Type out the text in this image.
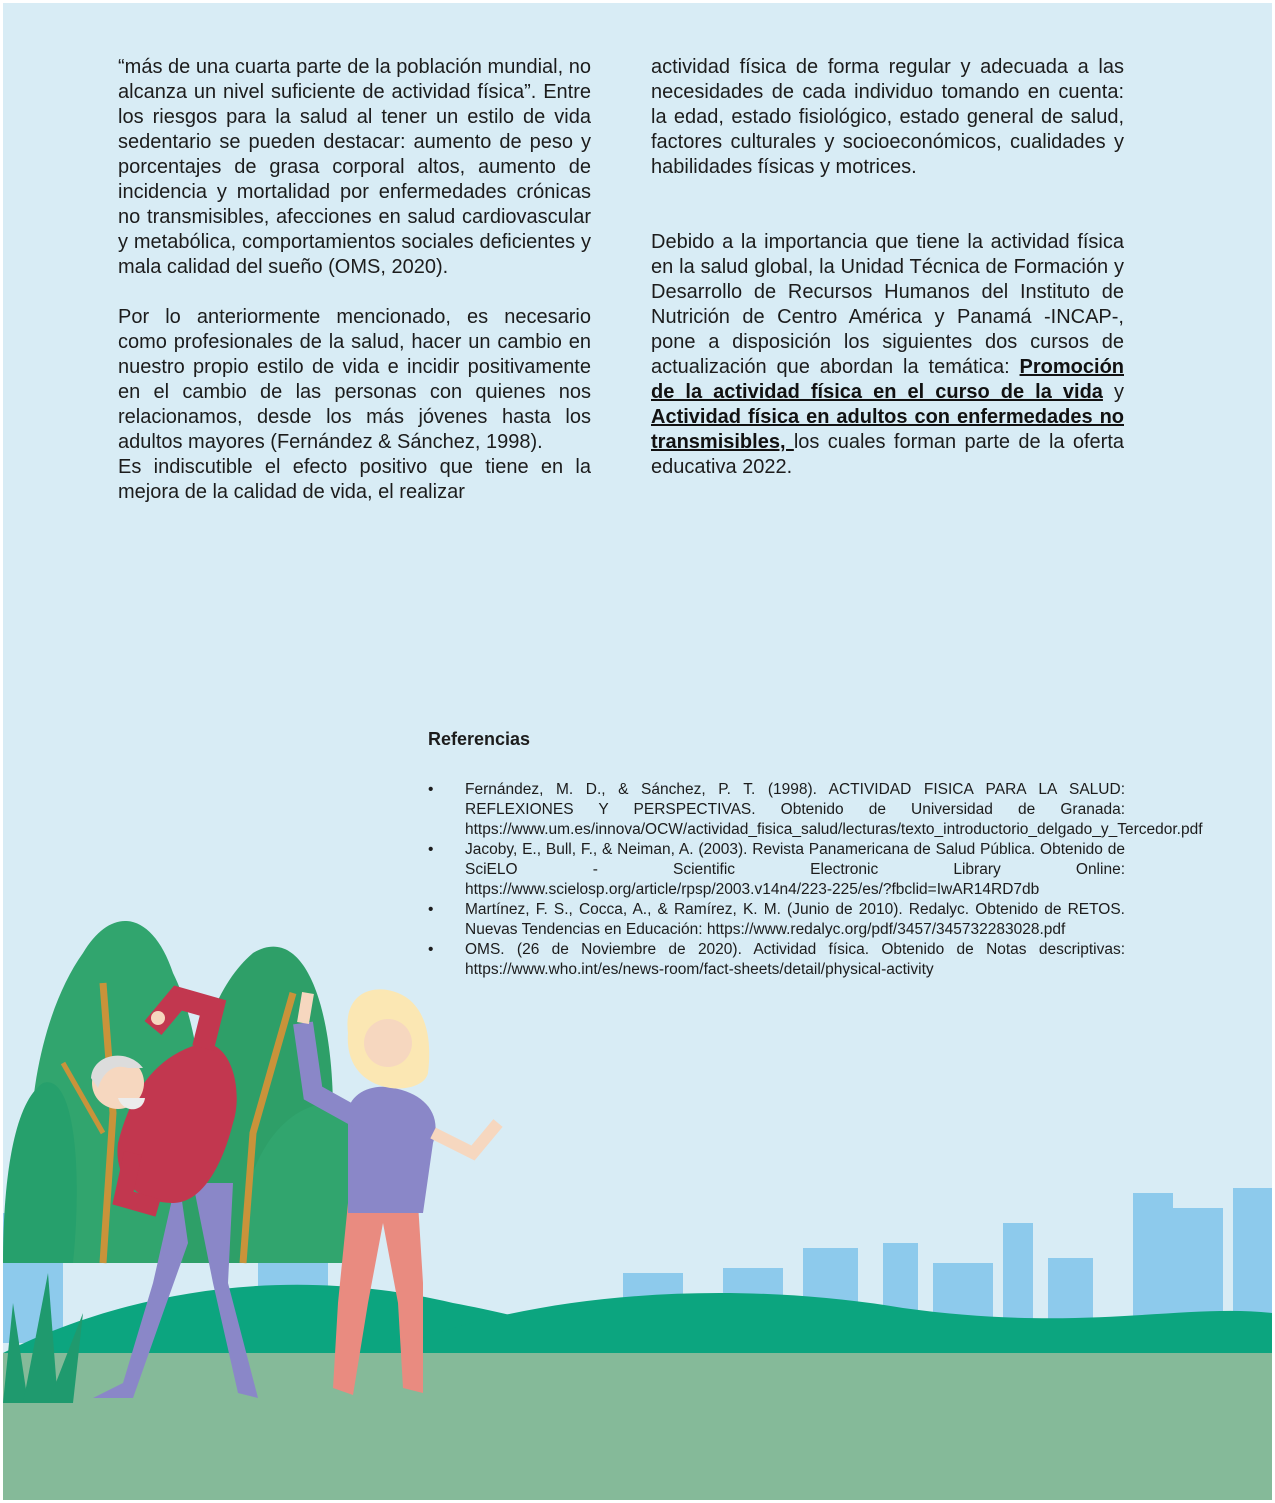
“más de una cuarta parte de la población mundial, no alcanza un nivel suficiente de actividad física”. Entre los riesgos para la salud al tener un estilo de vida sedentario se pueden destacar: aumento de peso y porcentajes de grasa corporal altos, aumento de incidencia y mortalidad por enfermedades crónicas no transmisibles, afecciones en salud cardiovascular y metabólica, comportamientos sociales deficientes y mala calidad del sueño (OMS, 2020).

Por lo anteriormente mencionado, es necesario como profesionales de la salud, hacer un cambio en nuestro propio estilo de vida e incidir positivamente en el cambio de las personas con quienes nos relacionamos, desde los más jóvenes hasta los adultos mayores (Fernández & Sánchez, 1998).

Es indiscutible el efecto positivo que tiene en la mejora de la calidad de vida, el realizar

actividad física de forma regular y adecuada a las necesidades de cada individuo tomando en cuenta: la edad, estado fisiológico, estado general de salud, factores culturales y socioeconómicos, cualidades y habilidades físicas y motrices.

Debido a la importancia que tiene la actividad física en la salud global, la Unidad Técnica de Formación y Desarrollo de Recursos Humanos del Instituto de Nutrición de Centro América y Panamá -INCAP-, pone a disposición los siguientes dos cursos de actualización que abordan la temática: Promoción de la actividad física en el curso de la vida y Actividad física en adultos con enfermedades no transmisibles, los cuales forman parte de la oferta educativa 2022.

Referencias
• Fernández, M. D., & Sánchez, P. T. (1998). ACTIVIDAD FISICA PARA LA SALUD: REFLEXIONES Y PERSPECTIVAS. Obtenido de Universidad de Granada: https://www.um.es/innova/OCW/actividad_fisica_salud/lecturas/texto_introductorio_delgado_y_Tercedor.pdf
• Jacoby, E., Bull, F., & Neiman, A. (2003). Revista Panamericana de Salud Pública. Obtenido de SciELO - Scientific Electronic Library Online: https://www.scielosp.org/article/rpsp/2003.v14n4/223-225/es/?fbclid=IwAR14RD7db
• Martínez, F. S., Cocca, A., & Ramírez, K. M. (Junio de 2010). Redalyc. Obtenido de RETOS. Nuevas Tendencias en Educación: https://www.redalyc.org/pdf/3457/345732283028.pdf
• OMS. (26 de Noviembre de 2020). Actividad física. Obtenido de Notas descriptivas: https://www.who.int/es/news-room/fact-sheets/detail/physical-activity
